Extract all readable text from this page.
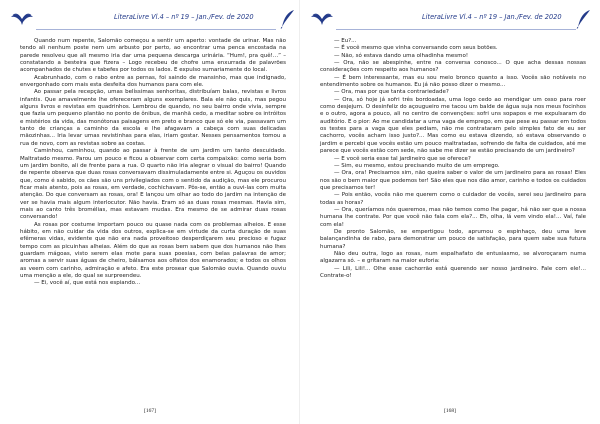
LiteraLivre Vl.4 – nº 19 – Jan./Fev. de 2020

Quando num repente, Salomão começou a sentir um aperto: vontade de urinar. Mas não tendo ali nenhum poste nem um arbusto por perto, ao encontrar uma penca encostada na parede resolveu que ali mesmo iria dar uma pequena descarga urinária. “Hum!, pra quê!...” – constatando a besteira que fizera – Logo recebeu de chofre uma enxurrada de palavrões acompanhados de chutes e tabefes por todos os lados. E expulso sumariamente do local.

Acabrunhado, com o rabo entre as pernas, foi saindo de mansinho, mas que indignado, envergonhado com mais esta desfeita dos humanos para com ele.

Ao passar pela recepção, umas belíssimas senhoritas, distribuíam balas, revistas e livros infantis. Que amavelmente lhe ofereceram alguns exemplares. Bala ele não quis, mas pegou alguns livros e revistas em quadrinhos. Lembrou de quando, no seu bairro onde vivia, sempre que fazia um pequeno plantão no ponto de ônibus, de manhã cedo, a meditar sobre os intróitos e mistérios da vida, das monótonas paisagens em preto e branco que só ele via, passavam um tanto de crianças a caminho da escola e lhe afagavam a cabeça com suas delicadas mãozinhas... Iria levar umas revistinhas para elas, iriam gostar. Nesses pensamentos tomou a rua de novo, com as revistas sobre as costas.

Caminhou, caminhou, quando ao passar à frente de um jardim um tanto descuidado. Maltratado mesmo. Parou um pouco e ficou a observar com certa compaixão: como seria bom um jardim bonito, ali de frente para a rua. O quarto não iria alegrar o visual do bairro! Quando de repente observa que duas rosas conversavam dissimuladamente entre si. Aguçou os ouvidos que, como é sabido, os cães são uns privilegiados com o sentido da audição, mas ele procurou ficar mais atento, pois as rosas, em verdade, cochichavam. Pôs-se, então a ouvi-las com muita atenção. Do que conversam as rosas, ora! E lançou um olhar ao todo do jardim na intenção de ver se havia mais algum interlocutor. Não havia. Eram só as duas rosas mesmas. Havia sim, mais ao canto três bromélias, mas estavam mudas. Era mesmo de se admirar duas rosas conversando!

As rosas por costume importam pouco ou quase nada com os problemas alheios. E esse hábito, em não cuidar da vida dos outros, explica-se em virtude da curta duração de suas efêmeras vidas, evidente que não era nada proveitoso desperdiçarem seu precioso e fugaz tempo com as picuinhas alheias. Além do que as rosas bem sabem que dos humanos não lhes guardam mágoas, visto serem elas mote para suas poesias, com belas palavras de amor; aromas a servir suas águas de cheiro, bálsamos aos olfatos dos enamorados; e todos os olhos as veem com carinho, admiração e afeto. Era este prosear que Salomão ouvia. Quando ouviu uma menção a ele, do qual se surpreendeu.

— Ei, você aí, que está nos espiando...

[167]
LiteraLivre Vl.4 – nº 19 – Jan./Fev. de 2020

— Eu?...

— É você mesmo que vinha conversando com seus botões.

— Não, só estava dando uma olhadinha mesmo!

— Ora, não se abespinhe, entre na conversa conosco... O que acha dessas nossas considerações com respeito aos humanos?

— É bem interessante, mas eu sou meio bronco quanto a isso. Vocês são notáveis no entendimento sobre os humanos. Eu já não posso dizer o mesmo...

— Ora, mas por que tanta contrariedade?

— Ora, só hoje já sofri três bordoadas, uma logo cedo ao mendigar um osso para roer como desjejum. O desinfeliz do açougueiro me tacou um balde de água suja nos meus focinhos e o outro, agora a pouco, ali no centro de convenções: sofri uns sopapos e me expulsaram do auditório. E o pior: Ao me candidatar a uma vaga de emprego, em que pese eu passar em todos os testes para a vaga que eles pediam, não me contrataram pelo simples fato de eu ser cachorro, vocês acham isso justo?... Mas como eu estava dizendo, só estava observando o jardim e percebi que vocês estão um pouco maltratadas, sofrendo de falta de cuidados, até me parece que vocês estão com sede, não sabe me dizer se estão precisando de um jardineiro?

— E você seria esse tal jardineiro que se oferece?

— Sim, eu mesmo, estou precisando muito de um emprego.

— Ora, ora! Precisamos sim, não queira saber o valor de um jardineiro para as rosas! Eles nos são o bem maior que podemos ter! São eles que nos dão amor, carinho e todos os cuidados que precisamos ter!

— Pois então, vocês não me querem como o cuidador de vocês, serei seu jardineiro para todas as horas?

— Ora, queríamos nós queremos, mas não temos como lhe pagar, há não ser que a nossa humana lhe contrate. Por que você não fala com ela?... Eh, olha, lá vem vindo ela!... Vaí, fale com ela!

De pronto Salomão, se empertigou todo, aprumou o espinhaço, deu uma leve balançandinha de rabo, para demonstrar um pouco de satisfação, para quem sabe sua futura humana?

Não deu outra, logo as rosas, num espalhafato de entusiasmo, se alvoroçaram numa algazarra só. – e gritaram na maior euforia:

— Lili, Lili!... Olhe esse cachorrão está querendo ser nosso jardineiro. Fale com ele!... Contrate-o!

[168]
